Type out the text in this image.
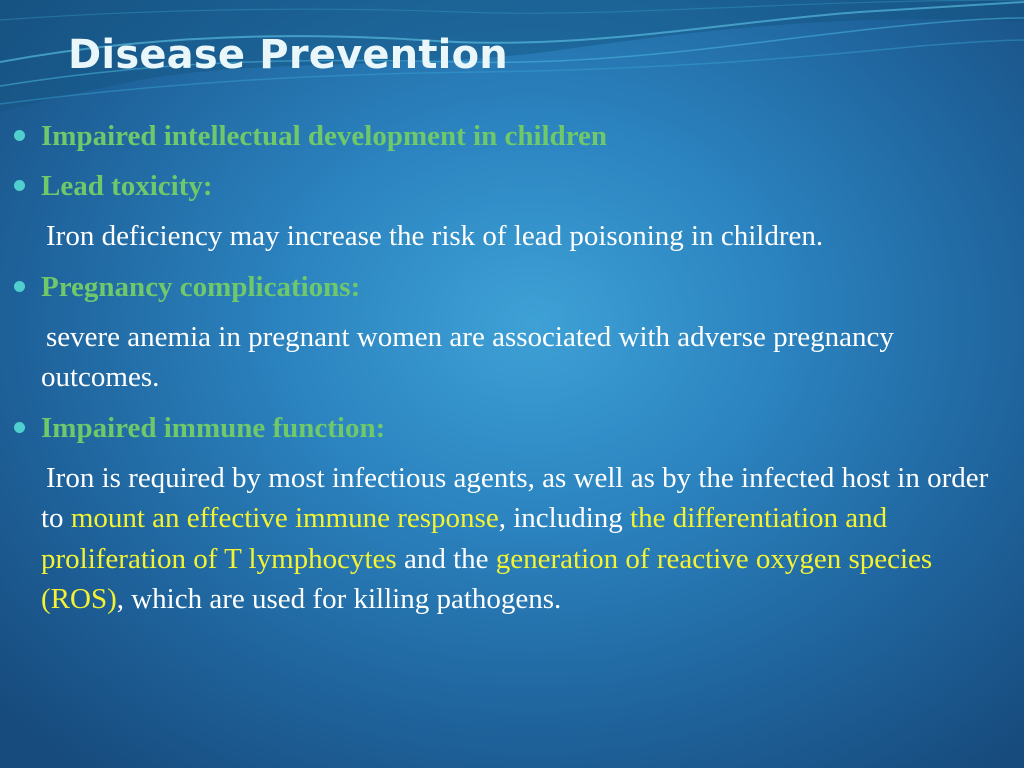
Disease Prevention
Impaired intellectual development in children
Lead toxicity:
Iron deficiency may increase the risk of lead poisoning in children.
Pregnancy complications:
severe anemia in pregnant women are associated with adverse pregnancy outcomes.
Impaired immune function:
Iron is required by most infectious agents, as well as by the infected host in order to mount an effective immune response, including the differentiation and proliferation of T lymphocytes and the generation of reactive oxygen species (ROS), which are used for killing pathogens.
